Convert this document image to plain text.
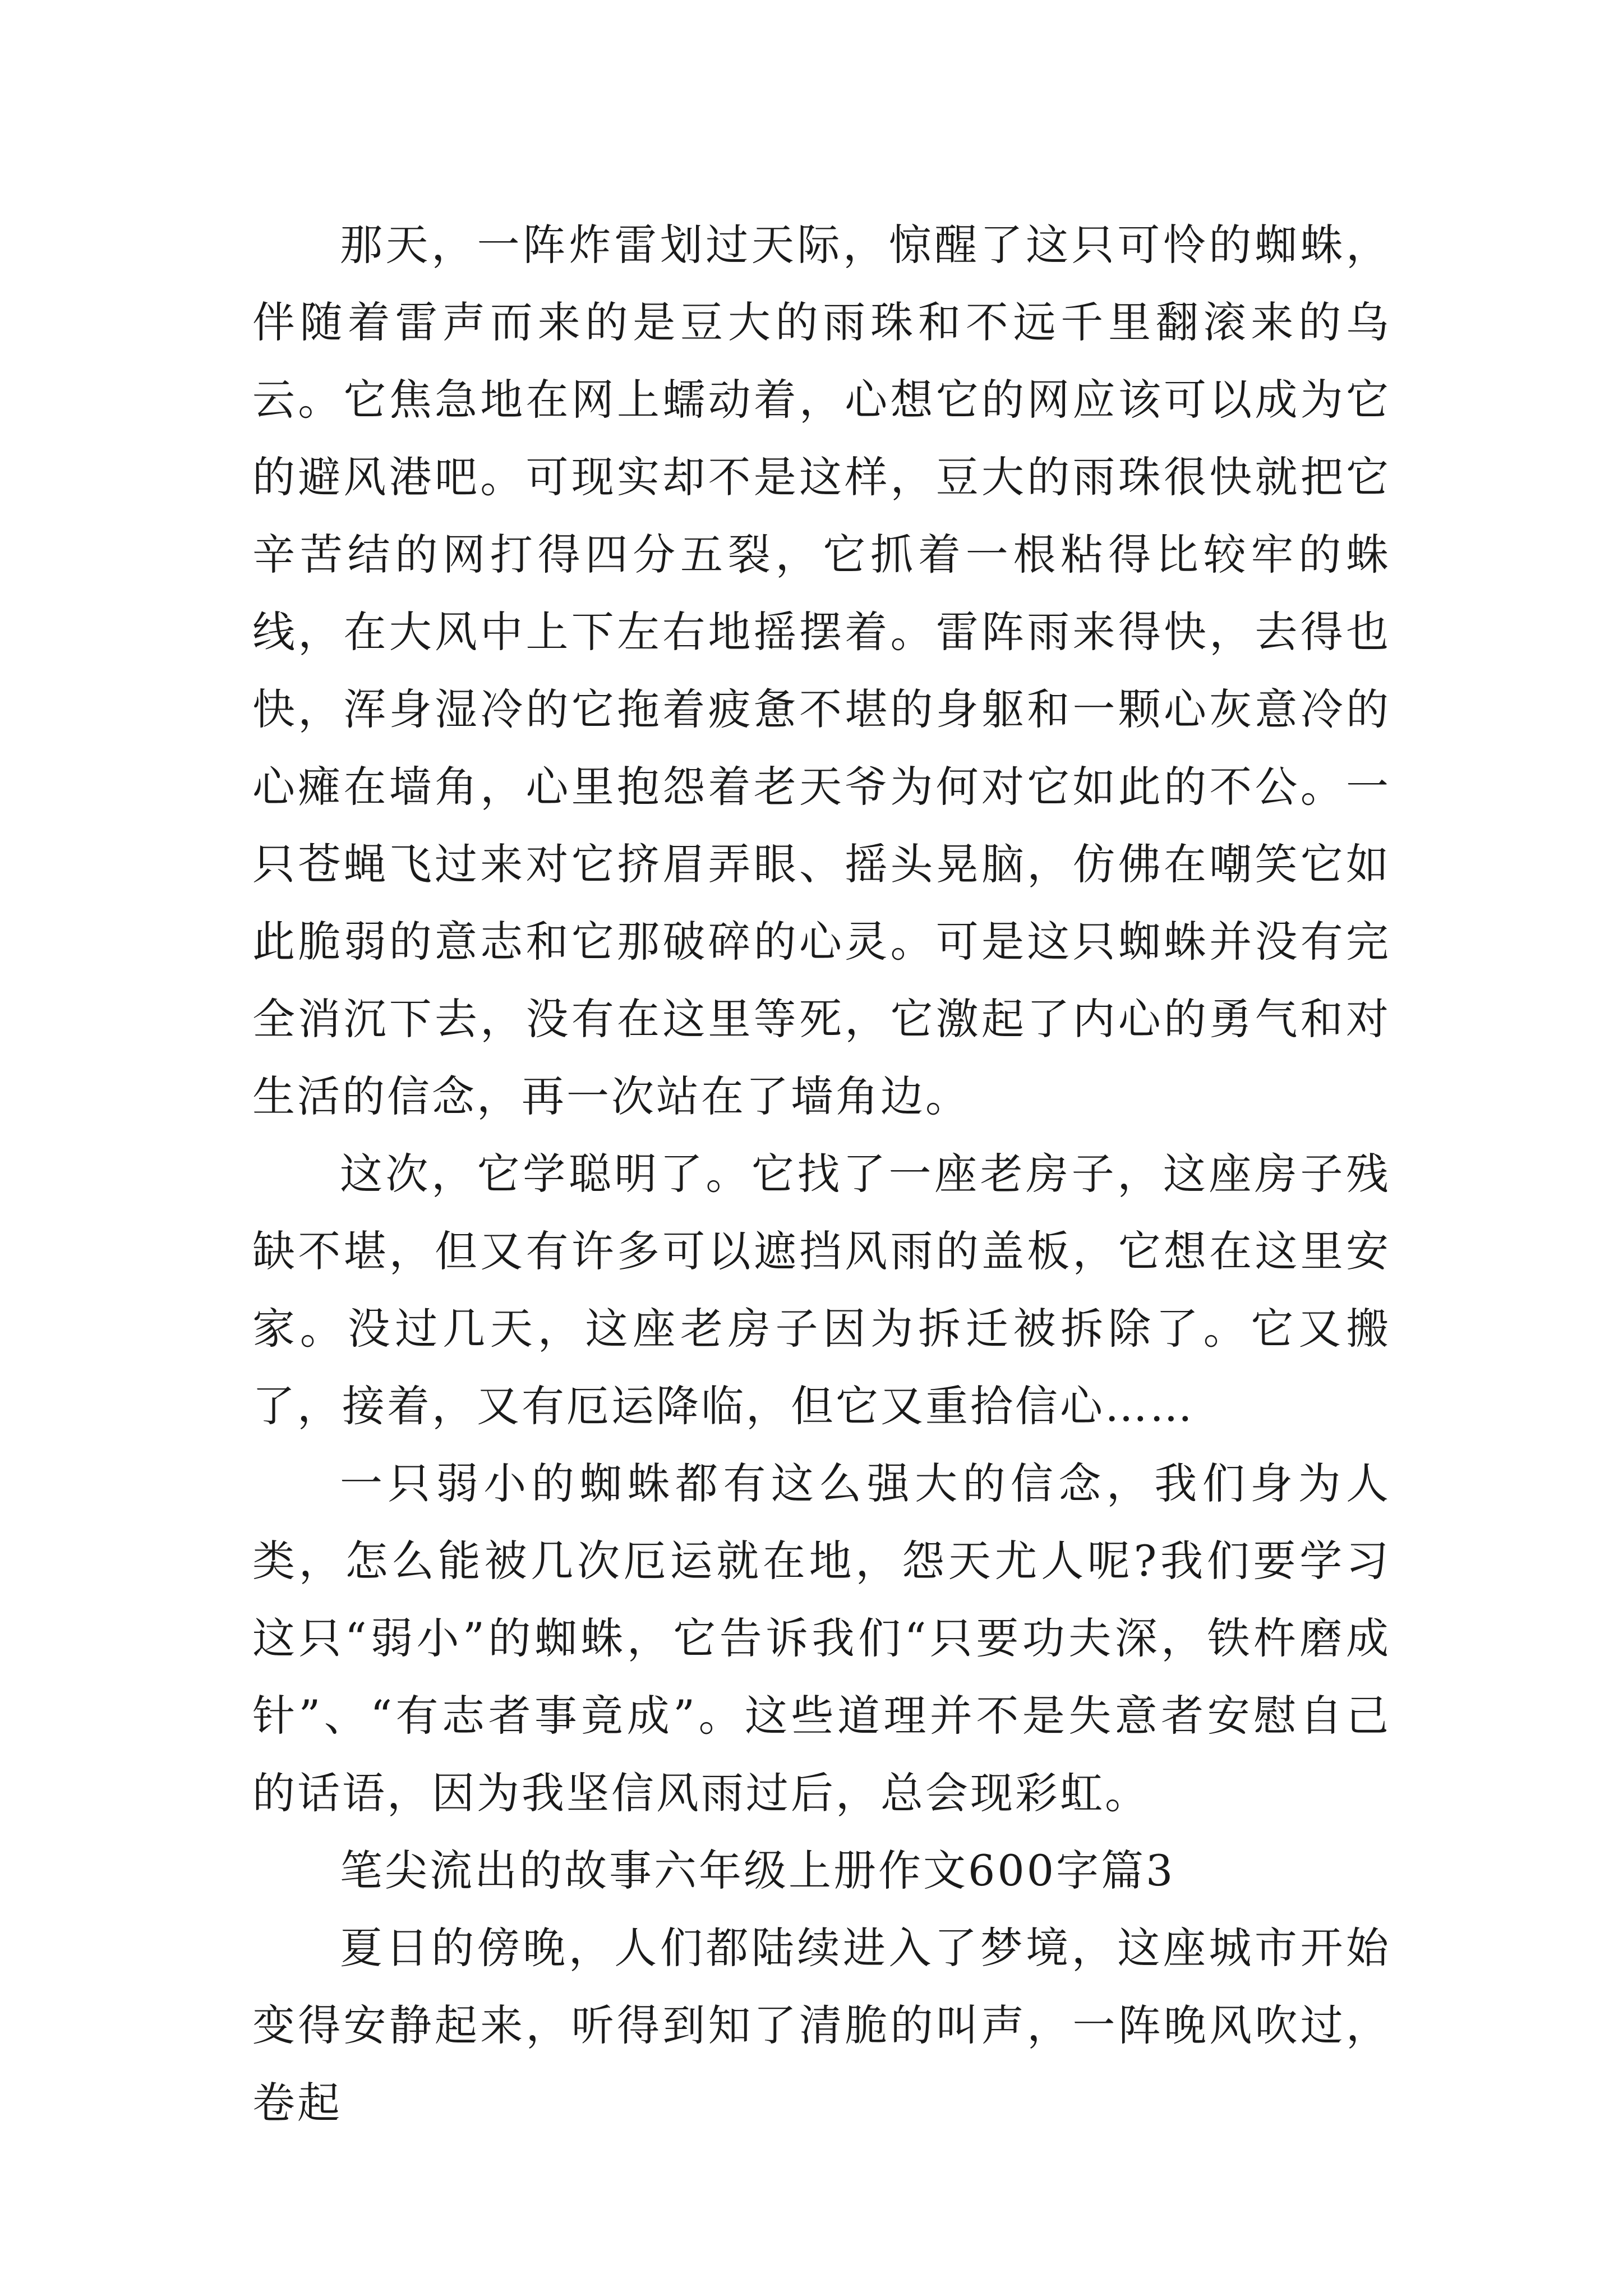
那天，一阵炸雷划过天际，惊醒了这只可怜的蜘蛛，伴随着雷声而来的是豆大的雨珠和不远千里翻滚来的乌云。它焦急地在网上蠕动着，心想它的网应该可以成为它的避风港吧。可现实却不是这样，豆大的雨珠很快就把它辛苦结的网打得四分五裂，它抓着一根粘得比较牢的蛛线，在大风中上下左右地摇摆着。雷阵雨来得快，去得也快，浑身湿冷的它拖着疲惫不堪的身躯和一颗心灰意冷的心瘫在墙角，心里抱怨着老天爷为何对它如此的不公。一只苍蝇飞过来对它挤眉弄眼、摇头晃脑，仿佛在嘲笑它如此脆弱的意志和它那破碎的心灵。可是这只蜘蛛并没有完全消沉下去，没有在这里等死，它激起了内心的勇气和对生活的信念，再一次站在了墙角边。

这次，它学聪明了。它找了一座老房子，这座房子残缺不堪，但又有许多可以遮挡风雨的盖板，它想在这里安家。没过几天，这座老房子因为拆迁被拆除了。它又搬了，接着，又有厄运降临，但它又重拾信心……

一只弱小的蜘蛛都有这么强大的信念，我们身为人类，怎么能被几次厄运就在地，怨天尤人呢?我们要学习这只“弱小”的蜘蛛，它告诉我们“只要功夫深，铁杵磨成针”、“有志者事竟成”。这些道理并不是失意者安慰自己的话语，因为我坚信风雨过后，总会现彩虹。

笔尖流出的故事六年级上册作文600字篇3

夏日的傍晚，人们都陆续进入了梦境，这座城市开始变得安静起来，听得到知了清脆的叫声，一阵晚风吹过，卷起
